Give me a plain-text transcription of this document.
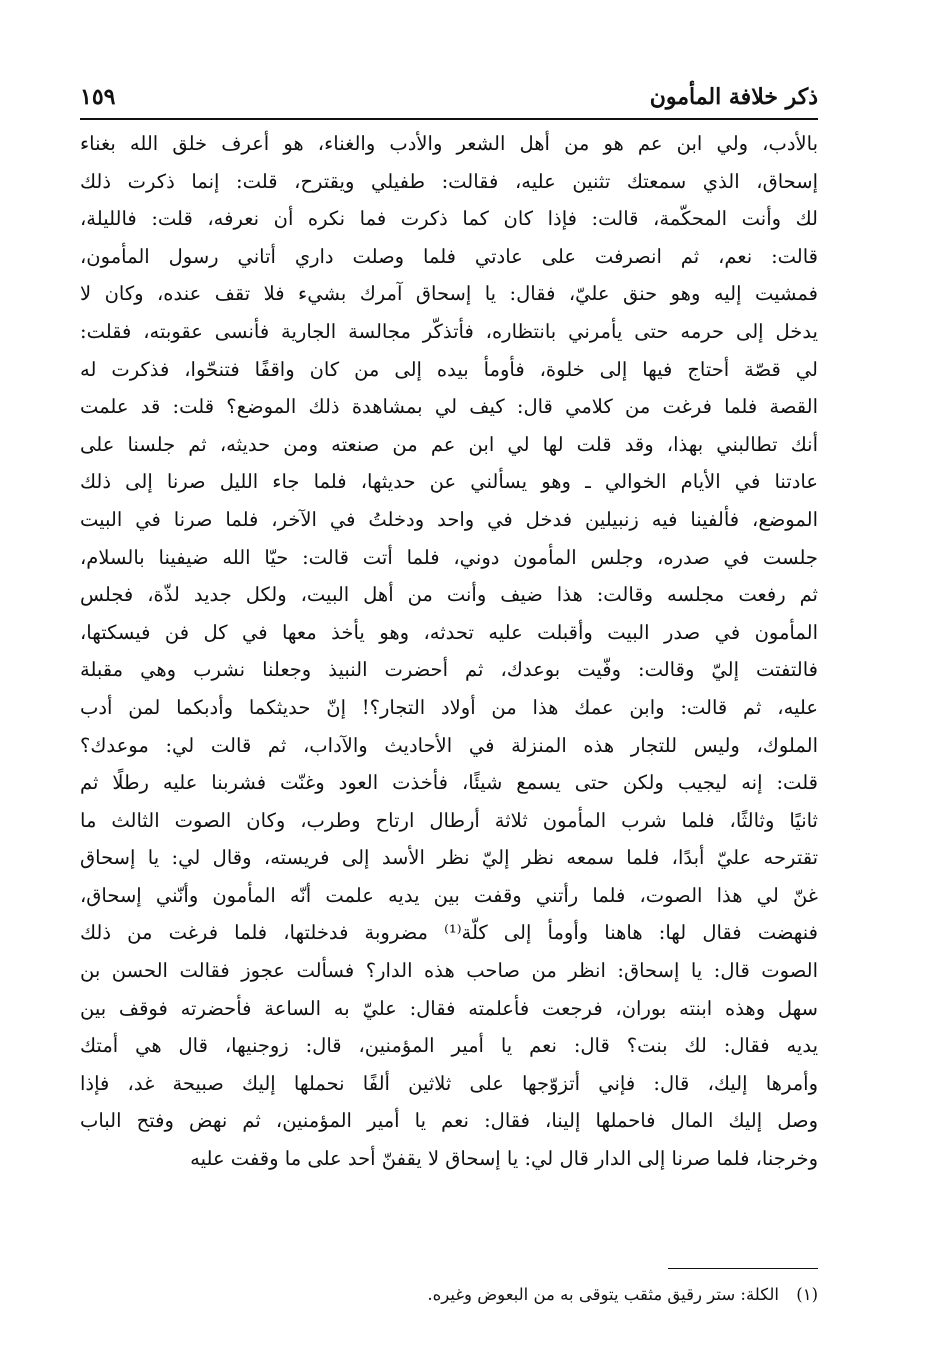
ذكر خلافة المأمون
١٥٩
بالأدب، ولي ابن عم هو من أهل الشعر والأدب والغناء، هو أعرف خلق الله بغناء
إسحاق، الذي سمعتك تثنين عليه، فقالت: طفيلي ويقترح، قلت: إنما ذكرت ذلك
لك وأنت المحكّمة، قالت: فإذا كان كما ذكرت فما نكره أن نعرفه، قلت: فالليلة،
قالت: نعم، ثم انصرفت على عادتي فلما وصلت داري أتاني رسول المأمون،
فمشيت إليه وهو حنق عليّ، فقال: يا إسحاق آمرك بشيء فلا تقف عنده، وكان لا
يدخل إلى حرمه حتى يأمرني بانتظاره، فأتذكّر مجالسة الجارية فأنسى عقوبته، فقلت:
لي قصّة أحتاج فيها إلى خلوة، فأومأ بيده إلى من كان واقفًا فتنحّوا، فذكرت له
القصة فلما فرغت من كلامي قال: كيف لي بمشاهدة ذلك الموضع؟ قلت: قد علمت
أنك تطالبني بهذا، وقد قلت لها لي ابن عم من صنعته ومن حديثه، ثم جلسنا على
عادتنا في الأيام الخوالي ـ وهو يسألني عن حديثها، فلما جاء الليل صرنا إلى ذلك
الموضع، فألفينا فيه زنبيلين فدخل في واحد ودخلتُ في الآخر، فلما صرنا في البيت
جلست في صدره، وجلس المأمون دوني، فلما أتت قالت: حيّا الله ضيفينا بالسلام،
ثم رفعت مجلسه وقالت: هذا ضيف وأنت من أهل البيت، ولكل جديد لذّة، فجلس
المأمون في صدر البيت وأقبلت عليه تحدثه، وهو يأخذ معها في كل فن فيسكتها،
فالتفتت إليّ وقالت: وفّيت بوعدك، ثم أحضرت النبيذ وجعلنا نشرب وهي مقبلة
عليه، ثم قالت: وابن عمك هذا من أولاد التجار؟! إنّ حديثكما وأدبكما لمن أدب
الملوك، وليس للتجار هذه المنزلة في الأحاديث والآداب، ثم قالت لي: موعدك؟
قلت: إنه ليجيب ولكن حتى يسمع شيئًا، فأخذت العود وغنّت فشربنا عليه رطلًا ثم
ثانيًا وثالثًا، فلما شرب المأمون ثلاثة أرطال ارتاح وطرب، وكان الصوت الثالث ما
تقترحه عليّ أبدًا، فلما سمعه نظر إليّ نظر الأسد إلى فريسته، وقال لي: يا إسحاق
غنّ لي هذا الصوت، فلما رأتني وقفت بين يديه علمت أنّه المأمون وأنّني إسحاق،
فنهضت فقال لها: هاهنا وأومأ إلى كلّة⁽¹⁾ مضروبة فدخلتها، فلما فرغت من ذلك
الصوت قال: يا إسحاق: انظر من صاحب هذه الدار؟ فسألت عجوز فقالت الحسن بن
سهل وهذه ابنته بوران، فرجعت فأعلمته فقال: عليّ به الساعة فأحضرته فوقف بين
يديه فقال: لك بنت؟ قال: نعم يا أمير المؤمنين، قال: زوجنيها، قال هي أمتك
وأمرها إليك، قال: فإني أتزوّجها على ثلاثين ألفًا نحملها إليك صبيحة غد، فإذا
وصل إليك المال فاحملها إلينا، فقال: نعم يا أمير المؤمنين، ثم نهض وفتح الباب
وخرجنا، فلما صرنا إلى الدار قال لي: يا إسحاق لا يقفنّ أحد على ما وقفت عليه
(١) الكلة: ستر رقيق مثقب يتوقى به من البعوض وغيره.
